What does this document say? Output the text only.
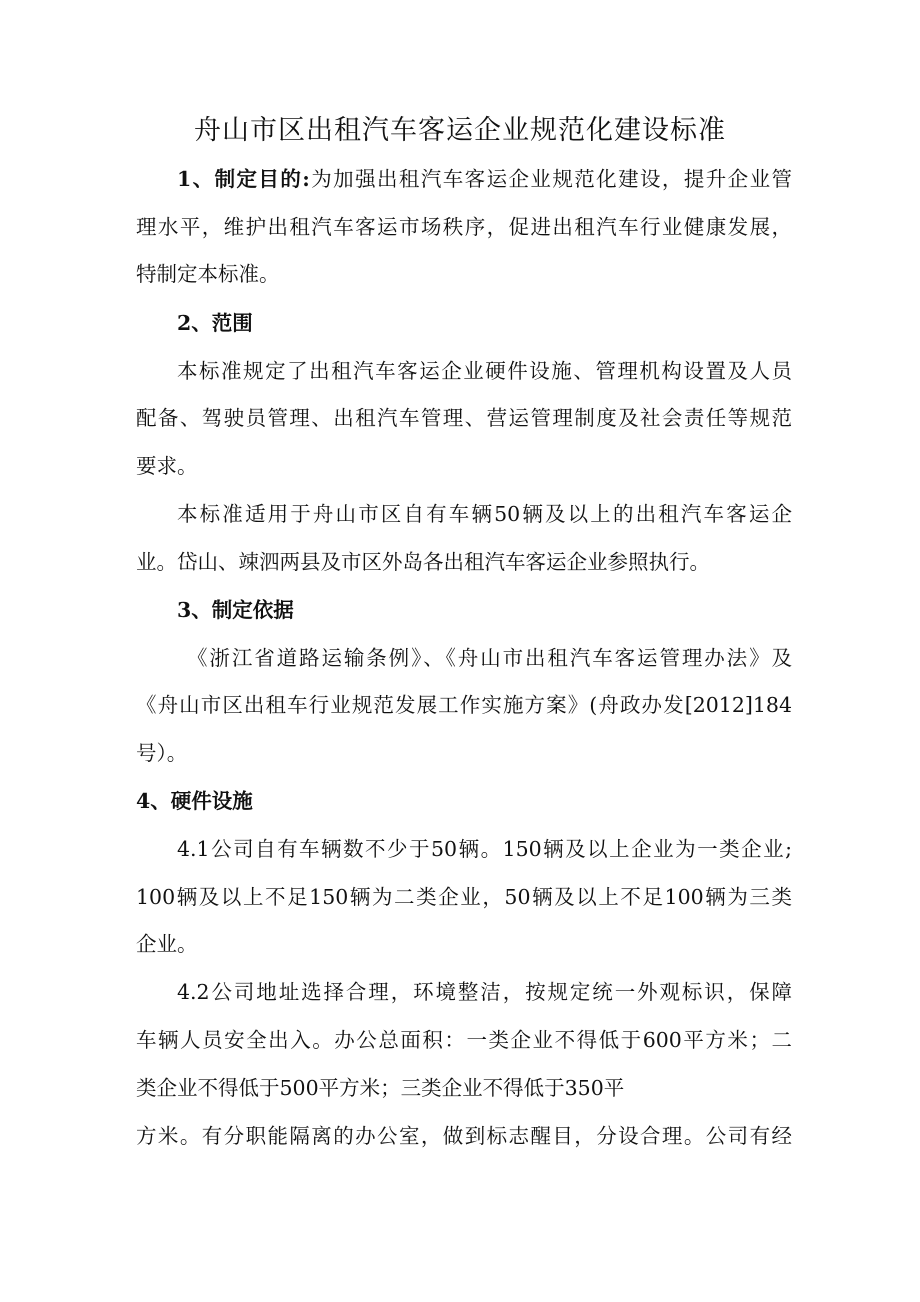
舟山市区出租汽车客运企业规范化建设标准
1、制定目的:为加强出租汽车客运企业规范化建设，提升企业管
理水平，维护出租汽车客运市场秩序，促进出租汽车行业健康发展，
特制定本标准。
2、范围
本标准规定了出租汽车客运企业硬件设施、管理机构设置及人员
配备、驾驶员管理、出租汽车管理、营运管理制度及社会责任等规范
要求。
本标准适用于舟山市区自有车辆50辆及以上的出租汽车客运企
业。岱山、竦泗两县及市区外岛各出租汽车客运企业参照执行。
3、制定依据
《浙江省道路运输条例》、《舟山市出租汽车客运管理办法》及
《舟山市区出租车行业规范发展工作实施方案》(舟政办发[2012]184
号）。
4、硬件设施
4.1公司自有车辆数不少于50辆。150辆及以上企业为一类企业;
100辆及以上不足150辆为二类企业，50辆及以上不足100辆为三类
企业。
4.2公司地址选择合理，环境整洁，按规定统一外观标识，保障
车辆人员安全出入。办公总面积：一类企业不得低于600平方米；二
类企业不得低于500平方米；三类企业不得低于350平
方米。有分职能隔离的办公室，做到标志醒目，分设合理。公司有经
